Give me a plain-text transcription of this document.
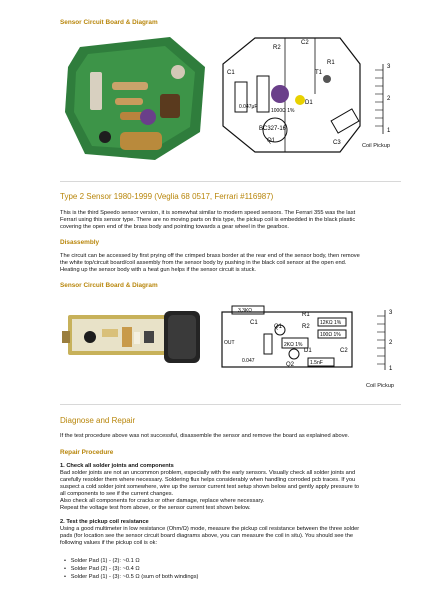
Sensor Circuit Board & Diagram
C2
R2
C1
R1
T1
1000Ω 1%
0.047μF
BC327-16
D1
Q1	C3
3
2
1
Coil Pickup
Type 2 Sensor 1980-1999 (Veglia 68 0517, Ferrari #116987)
This is the third Speedo sensor version, it is somewhat similar to modern speed sensors. The Ferrari 355 was the last
Ferrari using this sensor type. There are no moving parts on this type, the pickup coil is embedded in the black plastic
covering the open end of the brass body and pointing towards a gear wheel in the gearbox.
Disassembly
The circuit can be accessed by first prying off the crimped brass border at the rear end of the sensor body, then remove
the white top/circuit board/coil assembly from the sensor body by pushing in the black coil sensor at the open end.
Heating up the sensor body with a heat gun helps if the sensor circuit is stuck.
Sensor Circuit Board & Diagram
C1
R1
R2
3,3KΩ
2KΩ 1%
100Ω 1%
12KΩ 1%
OUT
0.047
Q1
Q2
C2
1.5nF
D1
3
2
1
Coil Pickup
Diagnose and Repair
If the test procedure above was not successful, disassemble the sensor and remove the board as explained above.
Repair Procedure
1. Check all solder joints and components
Bad solder joints are not an uncommon problem, especially with the early sensors. Visually check all solder joints and
carefully resolder them where necessary. Soldering flux helps considerably when handling corroded pcb traces. If you
suspect a cold solder joint somewhere, wire up the sensor current test setup shown below and gently apply pressure to
all components to see if the current changes.
Also check all components for cracks or other damage, replace where necessary.
Repeat the voltage test from above, or the sensor current test shown below.
2. Test the pickup coil resistance
Using a good multimeter in low resistance (Ohm/Ω) mode, measure the pickup coil resistance between the three solder
pads (for location see the sensor circuit board diagrams above, you can measure the coil in situ). You should see the
following values if the pickup coil is ok:
•   Solder Pad (1) - (2): ~0.1 Ω
•   Solder Pad (2) - (3): ~0.4 Ω
•   Solder Pad (1) - (3): ~0.5 Ω (sum of both windings)
